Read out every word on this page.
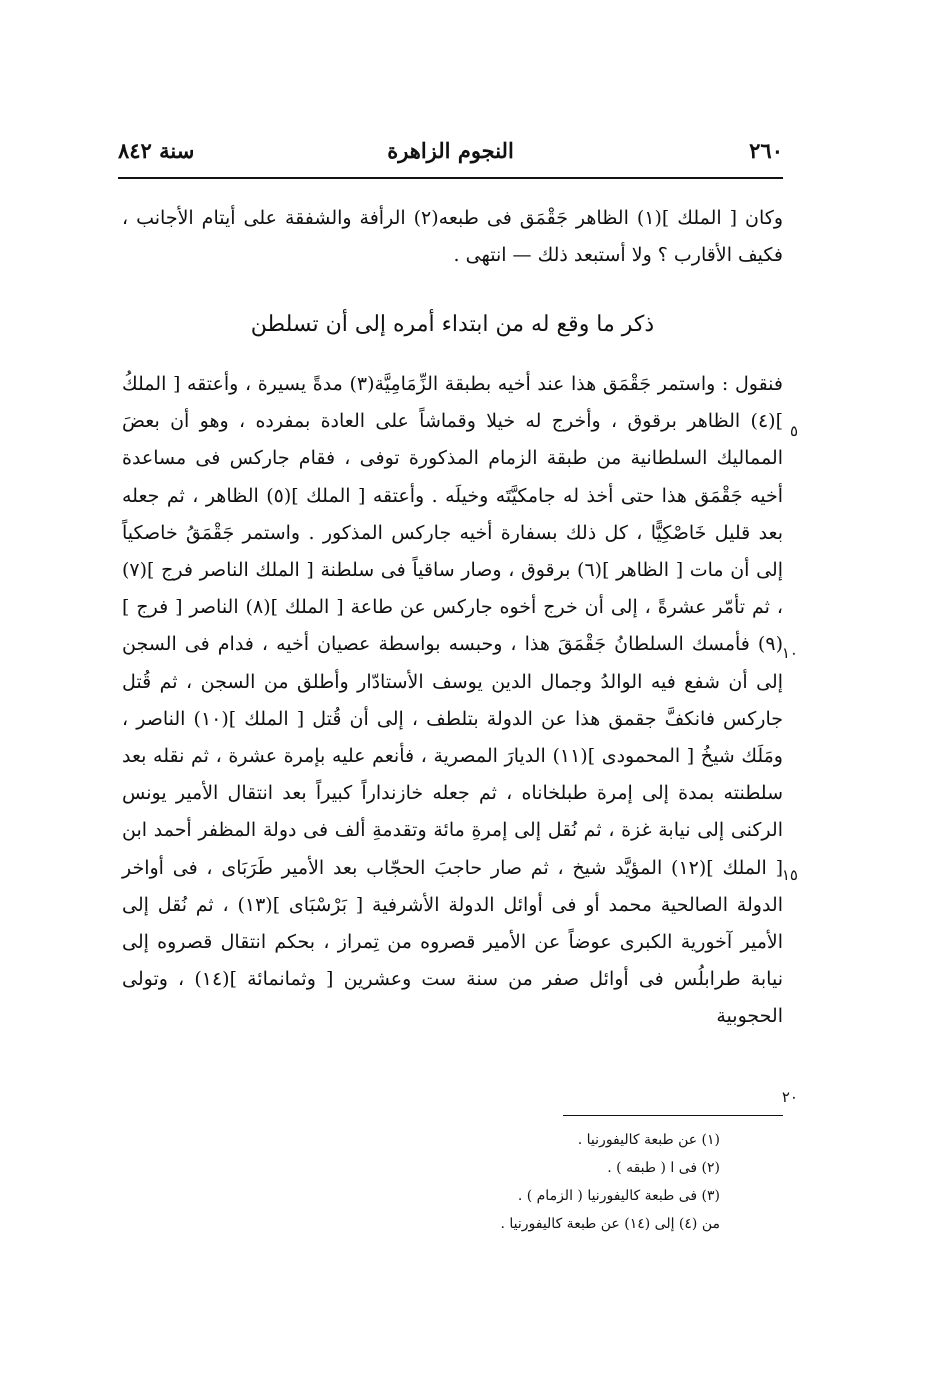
٢٦٠
النجوم الزاهرة
سنة ٨٤٢

وكان [ الملك ](١) الظاهر جَقْمَق فى طبعه(٢) الرأفة والشفقة على أيتام الأجانب ، فكيف الأقارب ؟ ولا أستبعد ذلك — انتهى .

ذكر ما وقع له من ابتداء أمره إلى أن تسلطن

فنقول : واستمر جَقْمَق هذا عند أخيه بطبقة الزِّمَامِيَّة(٣) مدةً يسيرة ، وأعتقه [ الملكُ ](٤) الظاهر برقوق ، وأخرج له خيلا وقماشاً على العادة بمفرده ، وهو أن بعضَ المماليك السلطانية من طبقة الزمام المذكورة توفى ، فقام جاركس فى مساعدة أخيه جَقْمَق هذا حتى أخذ له جامكيَّتَه وخيلَه . وأعتقه [ الملك ](٥) الظاهر ، ثم جعله بعد قليل خَاصْكِيًّا ، كل ذلك بسفارة أخيه جاركس المذكور . واستمر جَقْمَقُ خاصكياً إلى أن مات [ الظاهر ](٦) برقوق ، وصار ساقياً فى سلطنة [ الملك الناصر فرج ](٧) ، ثم تأمّر عشرةً ، إلى أن خرج أخوه جاركس عن طاعة [ الملك ](٨) الناصر [ فرج ](٩) فأمسك السلطانُ جَقْمَقَ هذا ، وحبسه بواسطة عصيان أخيه ، فدام فى السجن إلى أن شفع فيه الوالدُ وجمال الدين يوسف الأستادّار وأطلق من السجن ، ثم قُتل جاركس فانكفَّ جقمق هذا عن الدولة بتلطف ، إلى أن قُتل [ الملك ](١٠) الناصر ، ومَلَك شيخُ [ المحمودى ](١١) الديارَ المصرية ، فأنعم عليه بإمرة عشرة ، ثم نقله بعد سلطنته بمدة إلى إمرة طبلخاناه ، ثم جعله خازنداراً كبيراً بعد انتقال الأمير يونس الركنى إلى نيابة غزة ، ثم نُقل إلى إمرةِ مائة وتقدمةِ ألف فى دولة المظفر أحمد ابن [ الملك ](١٢) المؤيَّد شيخ ، ثم صار حاجبَ الحجّاب بعد الأمير طَرَبَاى ، فى أواخر الدولة الصالحية محمد أو فى أوائل الدولة الأشرفية [ بَرْسْبَاى ](١٣) ، ثم نُقل إلى الأمير آخورية الكبرى عوضاً عن الأمير قصروه من تِمراز ، بحكم انتقال قصروه إلى نيابة طرابلُس فى أوائل صفر من سنة ست وعشرين [ وثمانمائة ](١٤) ، وتولى الحجوبية

٥
١٠
١٥
٢٠
(١) عن طبعة كاليفورنيا .
(٢) فى ا ( طبقه ) .
(٣) فى طبعة كاليفورنيا ( الزمام ) .
من (٤) إلى (١٤) عن طبعة كاليفورنيا .
